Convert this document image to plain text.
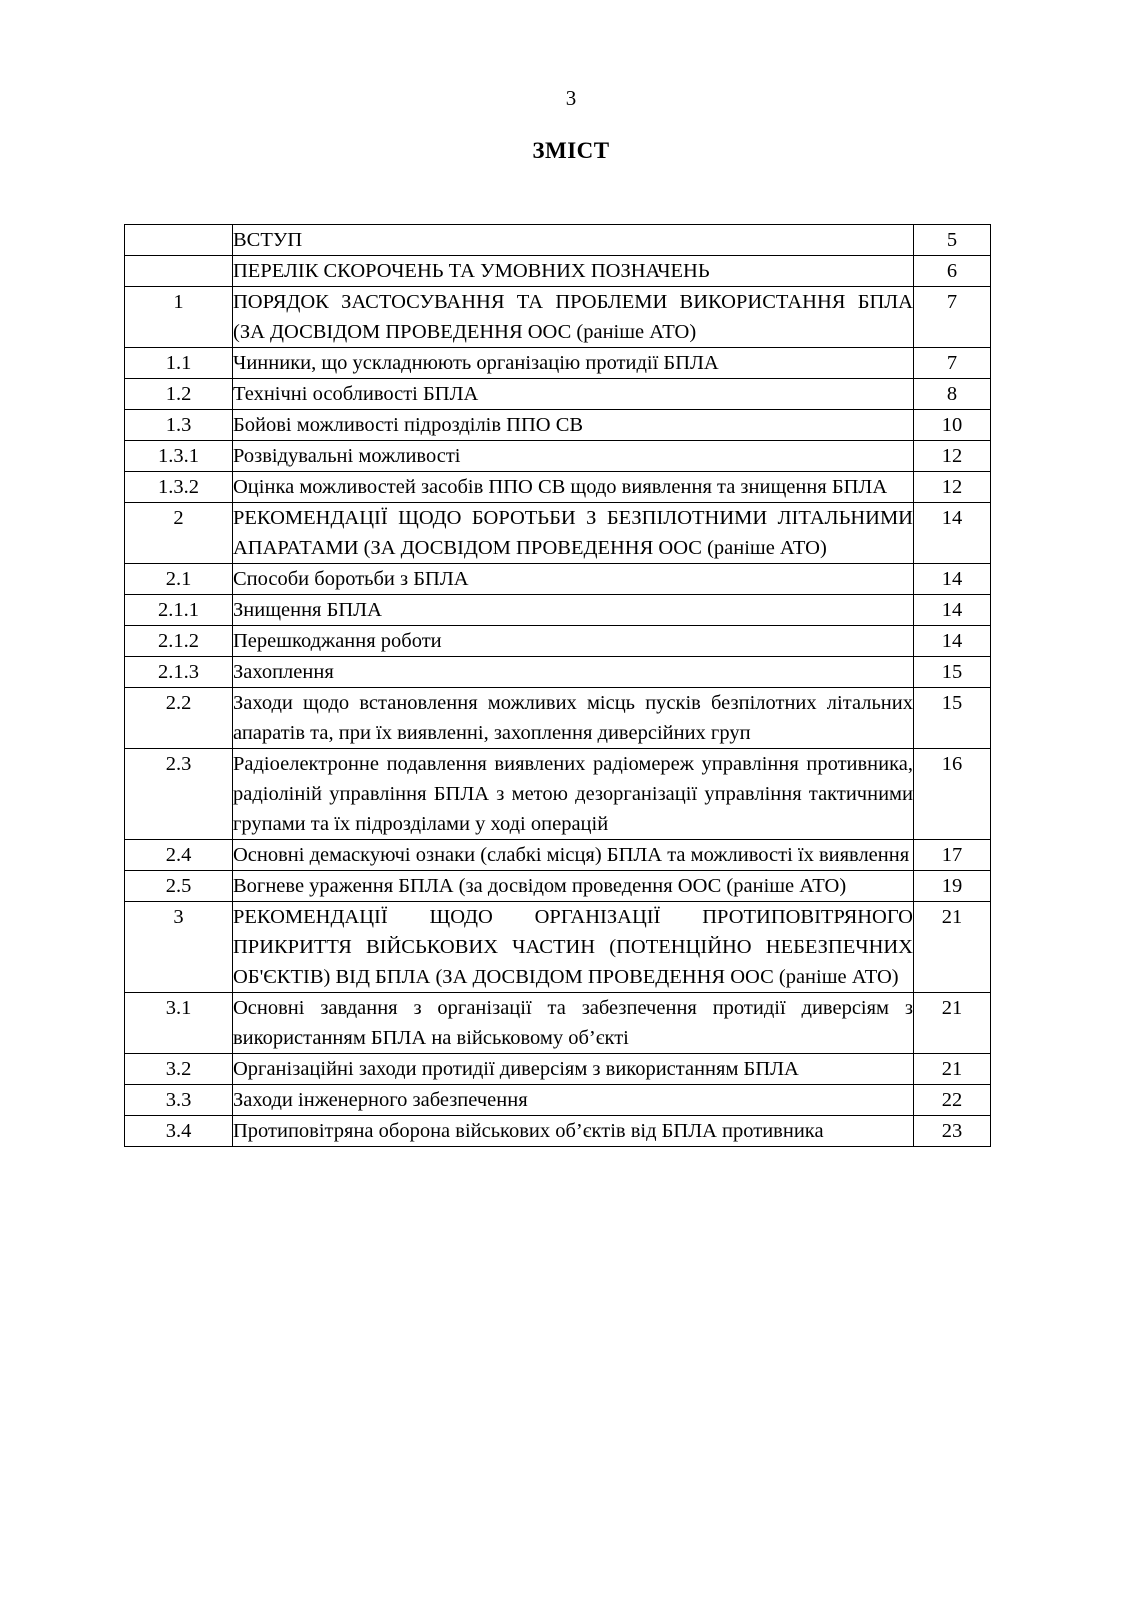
3
ЗМІСТ
	ВСТУП	5
	ПЕРЕЛІК СКОРОЧЕНЬ ТА УМОВНИХ ПОЗНАЧЕНЬ	6
1	ПОРЯДОК ЗАСТОСУВАННЯ ТА ПРОБЛЕМИ ВИКОРИСТАННЯ БПЛА (ЗА ДОСВІДОМ ПРОВЕДЕННЯ ООС (раніше АТО)	7
1.1	Чинники, що ускладнюють організацію протидії БПЛА	7
1.2	Технічні особливості БПЛА	8
1.3	Бойові можливості підрозділів ППО СВ	10
1.3.1	Розвідувальні можливості	12
1.3.2	Оцінка можливостей засобів ППО СВ щодо виявлення та знищення БПЛА	12
2	РЕКОМЕНДАЦІЇ ЩОДО БОРОТЬБИ З БЕЗПІЛОТНИМИ ЛІТАЛЬНИМИ АПАРАТАМИ (ЗА ДОСВІДОМ ПРОВЕДЕННЯ ООС (раніше АТО)	14
2.1	Способи боротьби з БПЛА	14
2.1.1	Знищення БПЛА	14
2.1.2	Перешкоджання роботи	14
2.1.3	Захоплення	15
2.2	Заходи щодо встановлення можливих місць пусків безпілотних літальних апаратів та, при їх виявленні, захоплення диверсійних груп	15
2.3	Радіоелектронне подавлення виявлених радіомереж управління противника, радіоліній управління БПЛА з метою дезорганізації управління тактичними групами та їх підрозділами у ході операцій	16
2.4	Основні демаскуючі ознаки (слабкі місця) БПЛА та можливості їх виявлення	17
2.5	Вогневе ураження БПЛА (за досвідом проведення ООС (раніше АТО)	19
3	РЕКОМЕНДАЦІЇ ЩОДО ОРГАНІЗАЦІЇ ПРОТИПОВІТРЯНОГО ПРИКРИТТЯ ВІЙСЬКОВИХ ЧАСТИН (ПОТЕНЦІЙНО НЕБЕЗПЕЧНИХ ОБ'ЄКТІВ) ВІД БПЛА (ЗА ДОСВІДОМ ПРОВЕДЕННЯ ООС (раніше АТО)	21
3.1	Основні завдання з організації та забезпечення протидії диверсіям з використанням БПЛА на військовому об’єкті	21
3.2	Організаційні заходи протидії диверсіям з використанням БПЛА	21
3.3	Заходи інженерного забезпечення	22
3.4	Протиповітряна оборона військових об’єктів від БПЛА противника	23
